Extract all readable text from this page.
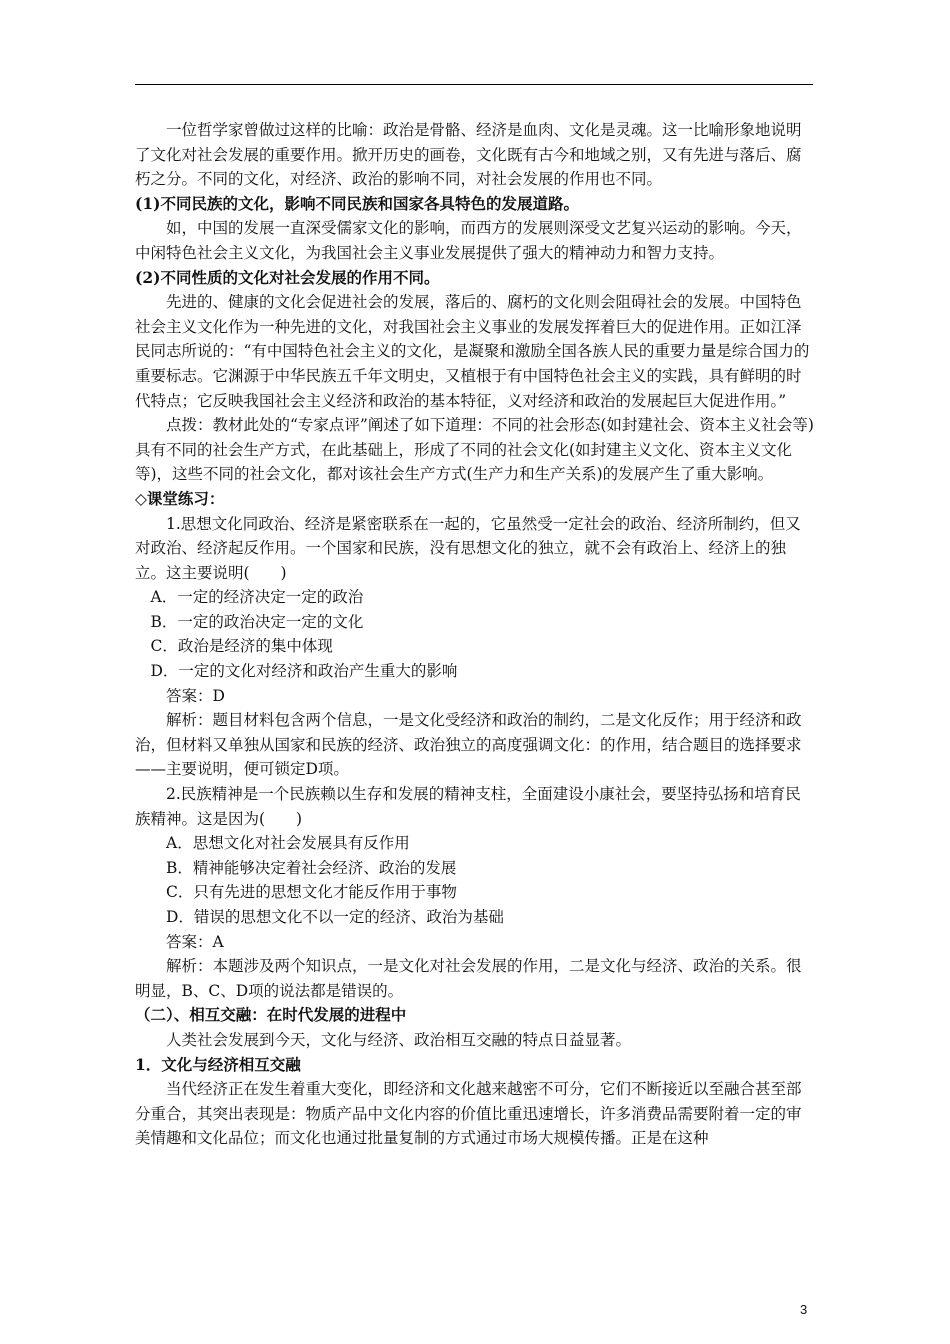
一位哲学家曾做过这样的比喻：政治是骨骼、经济是血肉、文化是灵魂。这一比喻形象地说明了文化对社会发展的重要作用。掀开历史的画卷，文化既有古今和地域之别，又有先进与落后、腐朽之分。不同的文化，对经济、政治的影响不同，对社会发展的作用也不同。

(1)不同民族的文化，影响不同民族和国家各具特色的发展道路。

如，中国的发展一直深受儒家文化的影响，而西方的发展则深受文艺复兴运动的影响。今天，中闲特色社会主义文化，为我国社会主义事业发展提供了强大的精神动力和智力支持。

(2)不同性质的文化对社会发展的作用不同。

先进的、健康的文化会促进社会的发展，落后的、腐朽的文化则会阻碍社会的发展。中国特色社会主义文化作为一种先进的文化，对我国社会主义事业的发展发挥着巨大的促进作用。正如江泽民同志所说的：“有中国特色社会主义的文化，是凝聚和激励全国各族人民的重要力量是综合国力的重要标志。它渊源于中华民族五千年文明史，又植根于有中国特色社会主义的实践，具有鲜明的时代特点；它反映我国社会主义经济和政治的基本特征，义对经济和政治的发展起巨大促进作用。”

点拨：教材此处的“专家点评”阐述了如下道理：不同的社会形态(如封建社会、资本主义社会等)具有不同的社会生产方式，在此基础上，形成了不同的社会文化(如封建主义文化、资本主义文化等)，这些不同的社会文化，都对该社会生产方式(生产力和生产关系)的发展产生了重大影响。

◇课堂练习：

1.思想文化同政治、经济是紧密联系在一起的，它虽然受一定社会的政治、经济所制约，但又对政治、经济起反作用。一个国家和民族，没有思想文化的独立，就不会有政治上、经济上的独立。这主要说明(　　)

A．一定的经济决定一定的政治

B．一定的政治决定一定的文化

C．政治是经济的集中体现

D．一定的文化对经济和政治产生重大的影响

答案：D

解析：题目材料包含两个信息，一是文化受经济和政治的制约，二是文化反作；用于经济和政治，但材料又单独从国家和民族的经济、政治独立的高度强调文化：的作用，结合题目的选择要求——主要说明，便可锁定D项。

2.民族精神是一个民族赖以生存和发展的精神支柱，全面建设小康社会，要坚持弘扬和培育民族精神。这是因为(　　)

A．思想文化对社会发展具有反作用

B．精神能够决定着社会经济、政治的发展

C．只有先进的思想文化才能反作用于事物

D．错误的思想文化不以一定的经济、政治为基础

答案：A

解析：本题涉及两个知识点，一是文化对社会发展的作用，二是文化与经济、政治的关系。很明显，B、C、D项的说法都是错误的。

（二）、相互交融：在时代发展的进程中

人类社会发展到今天，文化与经济、政治相互交融的特点日益显著。

1．文化与经济相互交融

当代经济正在发生着重大变化，即经济和文化越来越密不可分，它们不断接近以至融合甚至部分重合，其突出表现是：物质产品中文化内容的价值比重迅速增长，许多消费品需要附着一定的审美情趣和文化品位；而文化也通过批量复制的方式通过市场大规模传播。正是在这种

3
